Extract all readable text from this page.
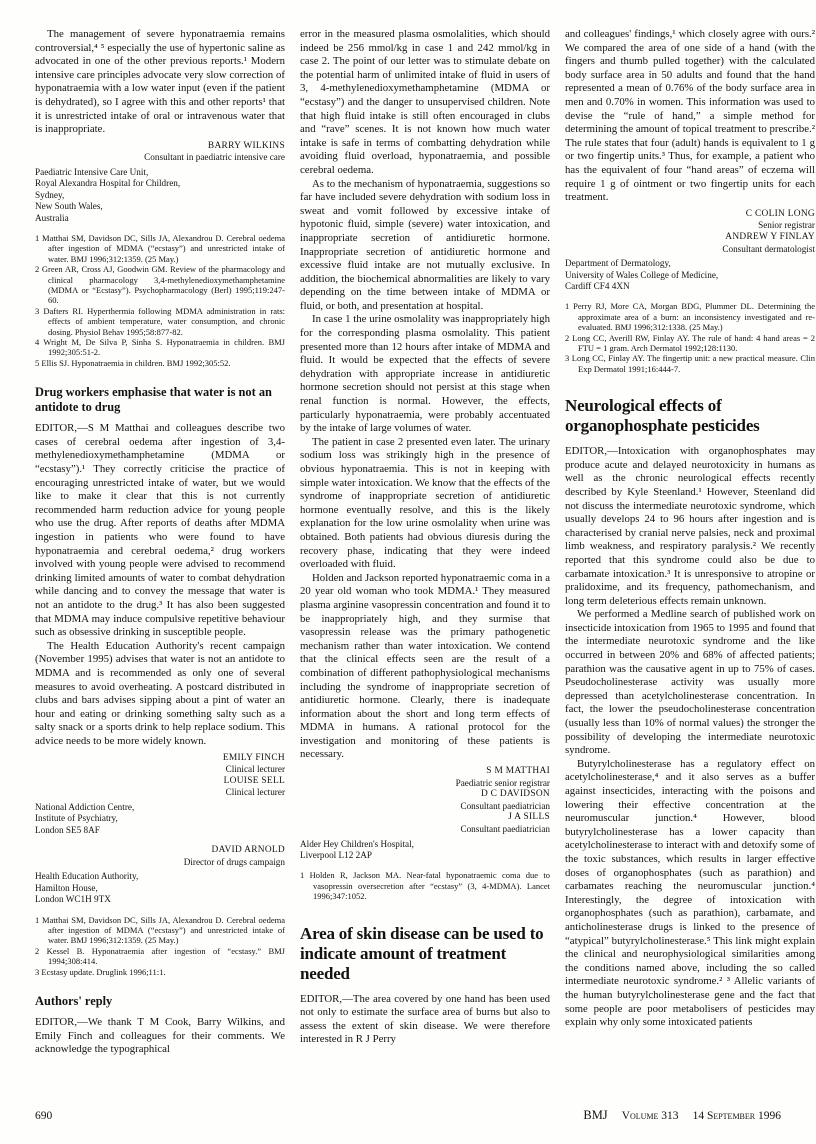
The management of severe hyponatraemia remains controversial,⁴ ⁵ especially the use of hypertonic saline as advocated in one of the other previous reports.¹ Modern intensive care principles advocate very slow correction of hyponatraemia with a low water input (even if the patient is dehydrated), so I agree with this and other reports¹ that it is unrestricted intake of oral or intravenous water that is inappropriate.

BARRY WILKINS
Consultant in paediatric intensive care
Paediatric Intensive Care Unit,
Royal Alexandra Hospital for Children,
Sydney,
New South Wales,
Australia

1 Matthai SM, Davidson DC, Sills JA, Alexandrou D. Cerebral oedema after ingestion of MDMA (“ecstasy”) and unrestricted intake of water. BMJ 1996;312:1359. (25 May.)

2 Green AR, Cross AJ, Goodwin GM. Review of the pharmacology and clinical pharmacology 3,4-methylenedioxymethamphetamine (MDMA or “Ecstasy”). Psychopharmacology (Berl) 1995;119:247-60.

3 Dafters RI. Hyperthermia following MDMA administration in rats: effects of ambient temperature, water consumption, and chronic dosing. Physiol Behav 1995;58:877-82.

4 Wright M, De Silva P, Sinha S. Hyponatraemia in children. BMJ 1992;305:51-2.

5 Ellis SJ. Hyponatraemia in children. BMJ 1992;305:52.

Drug workers emphasise that water is not an antidote to drug

EDITOR,—S M Matthai and colleagues describe two cases of cerebral oedema after ingestion of 3,4-methylenedioxymethamphetamine (MDMA or “ecstasy”).¹ They correctly criticise the practice of encouraging unrestricted intake of water, but we would like to make it clear that this is not currently recommended harm reduction advice for young people who use the drug. After reports of deaths after MDMA ingestion in patients who were found to have hyponatraemia and cerebral oedema,² drug workers involved with young people were advised to recommend drinking limited amounts of water to combat dehydration while dancing and to convey the message that water is not an antidote to the drug.³ It has also been suggested that MDMA may induce compulsive repetitive behaviour such as obsessive drinking in susceptible people.

The Health Education Authority's recent campaign (November 1995) advises that water is not an antidote to MDMA and is recommended as only one of several measures to avoid overheating. A postcard distributed in clubs and bars advises sipping about a pint of water an hour and eating or drinking something salty such as a salty snack or a sports drink to help replace sodium. This advice needs to be more widely known.

EMILY FINCH
Clinical lecturer
LOUISE SELL
Clinical lecturer
National Addiction Centre,
Institute of Psychiatry,
London SE5 8AF
DAVID ARNOLD
Director of drugs campaign
Health Education Authority,
Hamilton House,
London WC1H 9TX

1 Matthai SM, Davidson DC, Sills JA, Alexandrou D. Cerebral oedema after ingestion of MDMA (“ecstasy”) and unrestricted intake of water. BMJ 1996;312:1359. (25 May.)

2 Kessel B. Hyponatraemia after ingestion of “ecstasy.” BMJ 1994;308:414.

3 Ecstasy update. Druglink 1996;11:1.

Authors' reply

EDITOR,—We thank T M Cook, Barry Wilkins, and Emily Finch and colleagues for their comments. We acknowledge the typographical

error in the measured plasma osmolalities, which should indeed be 256 mmol/kg in case 1 and 242 mmol/kg in case 2. The point of our letter was to stimulate debate on the potential harm of unlimited intake of fluid in users of 3, 4-methylenedioxymethamphetamine (MDMA or “ecstasy”) and the danger to unsupervised children. Note that high fluid intake is still often encouraged in clubs and “rave” scenes. It is not known how much water intake is safe in terms of combatting dehydration while avoiding fluid overload, hyponatraemia, and possible cerebral oedema.

As to the mechanism of hyponatraemia, suggestions so far have included severe dehydration with sodium loss in sweat and vomit followed by excessive intake of hypotonic fluid, simple (severe) water intoxication, and inappropriate secretion of antidiuretic hormone. Inappropriate secretion of antidiuretic hormone and excessive fluid intake are not mutually exclusive. In addition, the biochemical abnormalities are likely to vary depending on the time between intake of MDMA or fluid, or both, and presentation at hospital.

In case 1 the urine osmolality was inappropriately high for the corresponding plasma osmolality. This patient presented more than 12 hours after intake of MDMA and fluid. It would be expected that the effects of severe dehydration with appropriate increase in antidiuretic hormone secretion should not persist at this stage when renal function is normal. However, the effects, particularly hyponatraemia, were probably accentuated by the intake of large volumes of water.

The patient in case 2 presented even later. The urinary sodium loss was strikingly high in the presence of obvious hyponatraemia. This is not in keeping with simple water intoxication. We know that the effects of the syndrome of inappropriate secretion of antidiuretic hormone eventually resolve, and this is the likely explanation for the low urine osmolality when urine was obtained. Both patients had obvious diuresis during the recovery phase, indicating that they were indeed overloaded with fluid.

Holden and Jackson reported hyponatraemic coma in a 20 year old woman who took MDMA.¹ They measured plasma arginine vasopressin concentration and found it to be inappropriately high, and they surmise that vasopressin release was the primary pathogenetic mechanism rather than water intoxication. We contend that the clinical effects seen are the result of a combination of different pathophysiological mechanisms including the syndrome of inappropriate secretion of antidiuretic hormone. Clearly, there is inadequate information about the short and long term effects of MDMA in humans. A rational protocol for the investigation and monitoring of these patients is necessary.

S M MATTHAI
Paediatric senior registrar
D C DAVIDSON
Consultant paediatrician
J A SILLS
Consultant paediatrician
Alder Hey Children's Hospital,
Liverpool L12 2AP

1 Holden R, Jackson MA. Near-fatal hyponatraemic coma due to vasopressin oversecretion after “ecstasy” (3, 4-MDMA). Lancet 1996;347:1052.

Area of skin disease can be used to indicate amount of treatment needed

EDITOR,—The area covered by one hand has been used not only to estimate the surface area of burns but also to assess the extent of skin disease. We were therefore interested in R J Perry

and colleagues' findings,¹ which closely agree with ours.² We compared the area of one side of a hand (with the fingers and thumb pulled together) with the calculated body surface area in 50 adults and found that the hand represented a mean of 0.76% of the body surface area in men and 0.70% in women. This information was used to devise the “rule of hand,” a simple method for determining the amount of topical treatment to prescribe.² The rule states that four (adult) hands is equivalent to 1 g or two fingertip units.³ Thus, for example, a patient who has the equivalent of four “hand areas” of eczema will require 1 g of ointment or two fingertip units for each treatment.

C COLIN LONG
Senior registrar
ANDREW Y FINLAY
Consultant dermatologist
Department of Dermatology,
University of Wales College of Medicine,
Cardiff CF4 4XN

1 Perry RJ, More CA, Morgan BDG, Plummer DL. Determining the approximate area of a burn: an inconsistency investigated and re-evaluated. BMJ 1996;312:1338. (25 May.)

2 Long CC, Averill RW, Finlay AY. The rule of hand: 4 hand areas = 2 FTU = 1 gram. Arch Dermatol 1992;128:1130.

3 Long CC, Finlay AY. The fingertip unit: a new practical measure. Clin Exp Dermatol 1991;16:444-7.

Neurological effects of organophosphate pesticides

EDITOR,—Intoxication with organophosphates may produce acute and delayed neurotoxicity in humans as well as the chronic neurological effects recently described by Kyle Steenland.¹ However, Steenland did not discuss the intermediate neurotoxic syndrome, which usually develops 24 to 96 hours after ingestion and is characterised by cranial nerve palsies, neck and proximal limb weakness, and respiratory paralysis.² We recently reported that this syndrome could also be due to carbamate intoxication.³ It is unresponsive to atropine or pralidoxime, and its frequency, pathomechanism, and long term deleterious effects remain unknown.

We performed a Medline search of published work on insecticide intoxication from 1965 to 1995 and found that the intermediate neurotoxic syndrome and the like occurred in between 20% and 68% of affected patients; parathion was the causative agent in up to 75% of cases. Pseudocholinesterase activity was usually more depressed than acetylcholinesterase concentration. In fact, the lower the pseudocholinesterase concentration (usually less than 10% of normal values) the stronger the possibility of developing the intermediate neurotoxic syndrome.

Butyrylcholinesterase has a regulatory effect on acetylcholinesterase,⁴ and it also serves as a buffer against insecticides, interacting with the poisons and lowering their effective concentration at the neuromuscular junction.⁴ However, blood butyrylcholinesterase has a lower capacity than acetylcholinesterase to interact with and detoxify some of the toxic substances, which results in larger effective doses of organophosphates (such as parathion) and carbamates reaching the neuromuscular junction.⁴ Interestingly, the degree of intoxication with organophosphates (such as parathion), carbamate, and anticholinesterase drugs is linked to the presence of “atypical” butyrylcholinesterase.⁵ This link might explain the clinical and neurophysiological similarities among the conditions named above, including the so called intermediate neurotoxic syndrome.² ³ Allelic variants of the human butyrylcholinesterase gene and the fact that some people are poor metabolisers of pesticides may explain why only some intoxicated patients

690	BMJ Volume 313 14 September 1996
